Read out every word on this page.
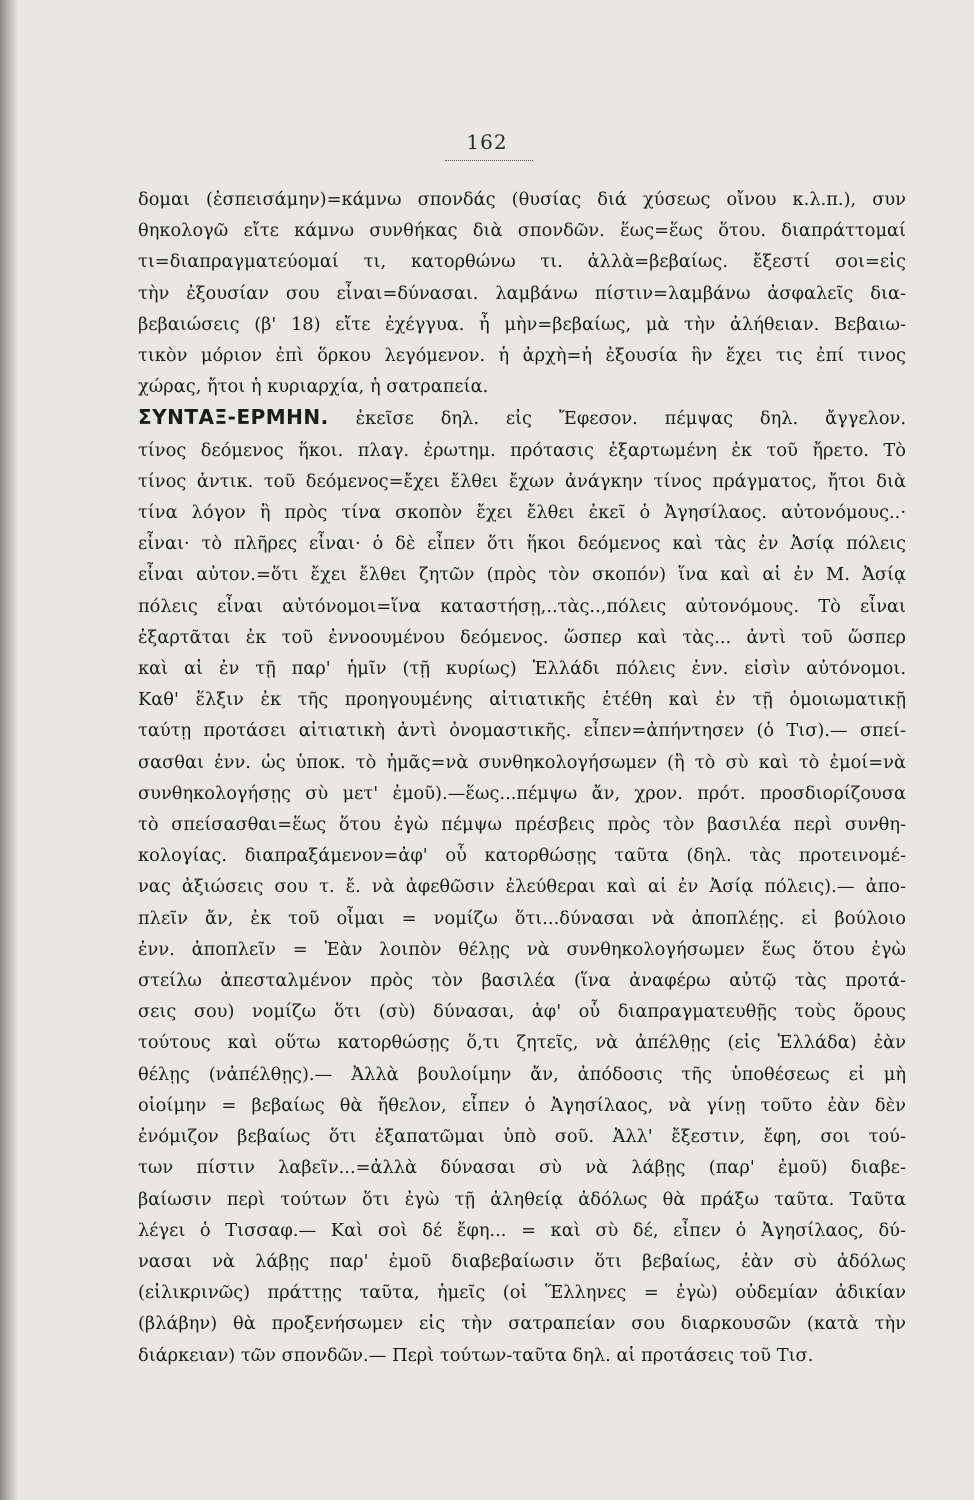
162

δομαι (ἐσπεισάμην)=κάμνω σπονδάς (θυσίας διά χύσεως οἴνου κ.λ.π.), συν

θηκολογῶ εἴτε κάμνω συνθήκας διὰ σπονδῶν. ἕως=ἕως ὅτου. διαπράττομαί

τι=διαπραγματεύομαί τι, κατορθώνω τι. ἀλλὰ=βεβαίως. ἔξεστί σοι=εἰς

τὴν ἐξουσίαν σου εἶναι=δύνασαι. λαμβάνω πίστιν=λαμβάνω ἀσφαλεῖς δια-

βεβαιώσεις (β' 18) εἴτε ἐχέγγυα. ἦ μὴν=βεβαίως, μὰ τὴν ἀλήθειαν. Βεβαιω-

τικὸν μόριον ἐπὶ ὅρκου λεγόμενον. ἡ ἀρχὴ=ἡ ἐξουσία ἣν ἔχει τις ἐπί τινος

χώρας, ἤτοι ἡ κυριαρχία, ἡ σατραπεία.

ΣΥΝΤΑΞ-ΕΡΜΗΝ. ἐκεῖσε δηλ. εἰς Ἔφεσον. πέμψας δηλ. ἄγγελον.

τίνος δεόμενος ἥκοι. πλαγ. ἐρωτημ. πρότασις ἐξαρτωμένη ἐκ τοῦ ἤρετο. Τὸ

τίνος ἀντικ. τοῦ δεόμενος=ἔχει ἔλθει ἔχων ἀνάγκην τίνος πράγματος, ἤτοι διὰ

τίνα λόγον ἢ πρὸς τίνα σκοπὸν ἔχει ἔλθει ἐκεῖ ὁ Ἀγησίλαος. αὐτονόμους..·

εἶναι· τὸ πλῆρες εἶναι· ὁ δὲ εἶπεν ὅτι ἥκοι δεόμενος καὶ τὰς ἐν Ἀσίᾳ πόλεις

εἶναι αὐτον.=ὅτι ἔχει ἔλθει ζητῶν (πρὸς τὸν σκοπόν) ἵνα καὶ αἱ ἐν Μ. Ἀσίᾳ

πόλεις εἶναι αὐτόνομοι=ἵνα καταστήσῃ,..τὰς..,πόλεις αὐτονόμους. Τὸ εἶναι

ἐξαρτᾶται ἐκ τοῦ ἐννοουμένου δεόμενος. ὥσπερ καὶ τὰς... ἀντὶ τοῦ ὥσπερ

καὶ αἱ ἐν τῇ παρ' ἡμῖν (τῇ κυρίως) Ἑλλάδι πόλεις ἐνν. εἰσὶν αὐτόνομοι.

Καθ' ἕλξιν ἐκ τῆς προηγουμένης αἰτιατικῆς ἐτέθη καὶ ἐν τῇ ὁμοιωματικῇ

ταύτῃ προτάσει αἰτιατικὴ ἀντὶ ὀνομαστικῆς. εἶπεν=ἀπήντησεν (ὁ Τισ).— σπεί-

σασθαι ἐνν. ὡς ὑποκ. τὸ ἡμᾶς=νὰ συνθηκολογήσωμεν (ἢ τὸ σὺ καὶ τὸ ἐμοί=νὰ

συνθηκολογήσῃς σὺ μετ' ἐμοῦ).—ἕως...πέμψω ἄν, χρον. πρότ. προσδιορίζουσα

τὸ σπείσασθαι=ἕως ὅτου ἐγὼ πέμψω πρέσβεις πρὸς τὸν βασιλέα περὶ συνθη-

κολογίας. διαπραξάμενον=ἀφ' οὗ κατορθώσῃς ταῦτα (δηλ. τὰς προτεινομέ-

νας ἀξιώσεις σου τ. ἔ. νὰ ἀφεθῶσιν ἐλεύθεραι καὶ αἱ ἐν Ἀσίᾳ πόλεις).— ἀπο-

πλεῖν ἄν, ἐκ τοῦ οἶμαι = νομίζω ὅτι...δύνασαι νὰ ἀποπλέῃς. εἰ βούλοιο

ἐνν. ἀποπλεῖν = Ἐὰν λοιπὸν θέλῃς νὰ συνθηκολογήσωμεν ἕως ὅτου ἐγὼ

στείλω ἀπεσταλμένον πρὸς τὸν βασιλέα (ἵνα ἀναφέρω αὐτῷ τὰς προτά-

σεις σου) νομίζω ὅτι (σὺ) δύνασαι, ἀφ' οὗ διαπραγματευθῇς τοὺς ὅρους

τούτους καὶ οὕτω κατορθώσῃς ὅ,τι ζητεῖς, νὰ ἀπέλθῃς (εἰς Ἑλλάδα) ἐὰν

θέλῃς (νἀπέλθῃς).— Ἀλλὰ βουλοίμην ἄν, ἀπόδοσις τῆς ὑποθέσεως εἰ μὴ

οἰοίμην = βεβαίως θὰ ἤθελον, εἶπεν ὁ Ἀγησίλαος, νὰ γίνῃ τοῦτο ἐὰν δὲν

ἐνόμιζον βεβαίως ὅτι ἐξαπατῶμαι ὑπὸ σοῦ. Ἀλλ' ἔξεστιν, ἔφη, σοι τού-

των πίστιν λαβεῖν...=ἀλλὰ δύνασαι σὺ νὰ λάβῃς (παρ' ἐμοῦ) διαβε-

βαίωσιν περὶ τούτων ὅτι ἐγὼ τῇ ἀληθείᾳ ἀδόλως θὰ πράξω ταῦτα. Ταῦτα

λέγει ὁ Τισσαφ.— Καὶ σοὶ δέ ἔφη... = καὶ σὺ δέ, εἶπεν ὁ Ἀγησίλαος, δύ-

νασαι νὰ λάβῃς παρ' ἐμοῦ διαβεβαίωσιν ὅτι βεβαίως, ἐὰν σὺ ἀδόλως

(εἰλικρινῶς) πράττῃς ταῦτα, ἡμεῖς (οἱ Ἕλληνες = ἐγὼ) οὐδεμίαν ἀδικίαν

(βλάβην) θὰ προξενήσωμεν εἰς τὴν σατραπείαν σου διαρκουσῶν (κατὰ τὴν

διάρκειαν) τῶν σπονδῶν.— Περὶ τούτων-ταῦτα δηλ. αἱ προτάσεις τοῦ Τισ.
